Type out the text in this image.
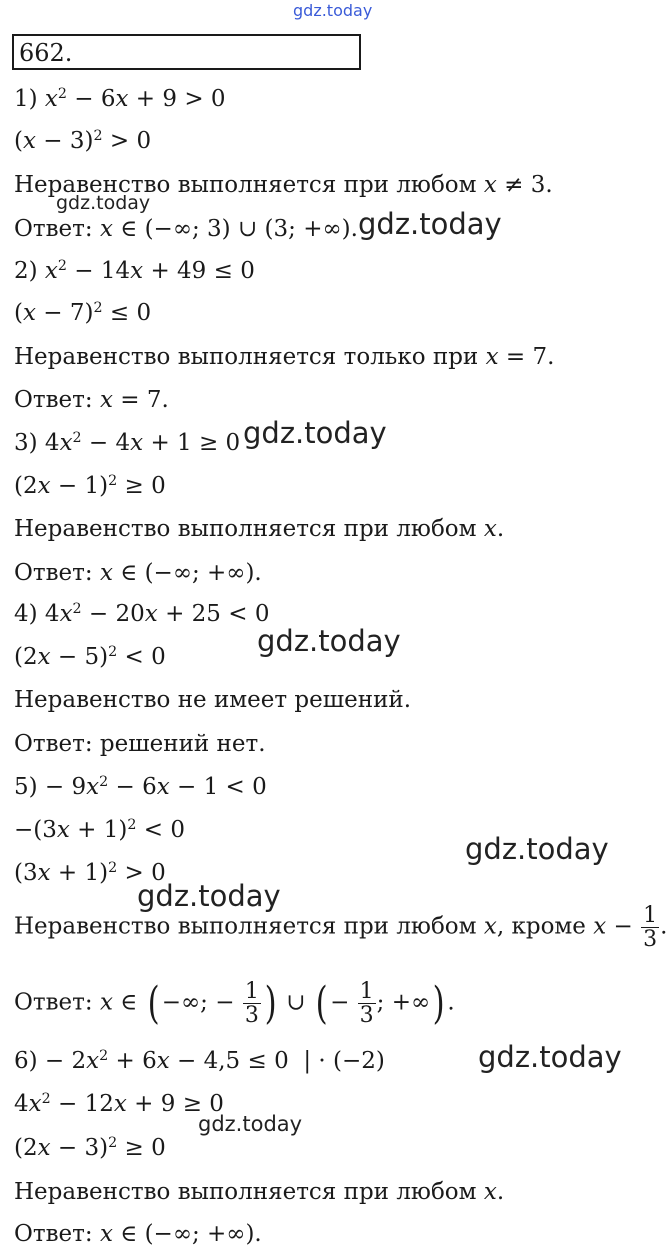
gdz.today
662.
1) $x^2 - 6x + 9 > 0$
$(x - 3)^2 > 0$
Неравенство выполняется при любом x ≠ 3.
gdz.today
Ответ: x ∈ (−∞; 3) ∪ (3; +∞). gdz.today
2) $x^2 - 14x + 49 \le 0$
$(x - 7)^2 \le 0$
Неравенство выполняется только при x = 7.
Ответ: x = 7.
3) $4x^2 - 4x + 1 \ge 0$ gdz.today
$(2x - 1)^2 \ge 0$
Неравенство выполняется при любом x.
Ответ: x ∈ (−∞; +∞).
4) $4x^2 - 20x + 25 < 0$
gdz.today
$(2x - 5)^2 < 0$
Неравенство не имеет решений.
Ответ: решений нет.
$5) - 9x^2 - 6x - 1 < 0$
$-(3x + 1)^2 < 0$
gdz.today
$(3x + 1)^2 > 0$
gdz.today
Неравенство выполняется при любом x, кроме $x - \frac{1}{3}$ .
Ответ: x ∈ ( −∞; − $\frac{1}{3}$ ) ∪ ( − $\frac{1}{3}$ ; +∞) .
$6) - 2x^2 + 6x - 4,5 \le 0$  | · (−2)	gdz.today
$4x^2 - 12x + 9 \ge 0$
gdz.today
$(2x - 3)^2 \ge 0$
Неравенство выполняется при любом x.
Ответ: x ∈ (−∞; +∞).
